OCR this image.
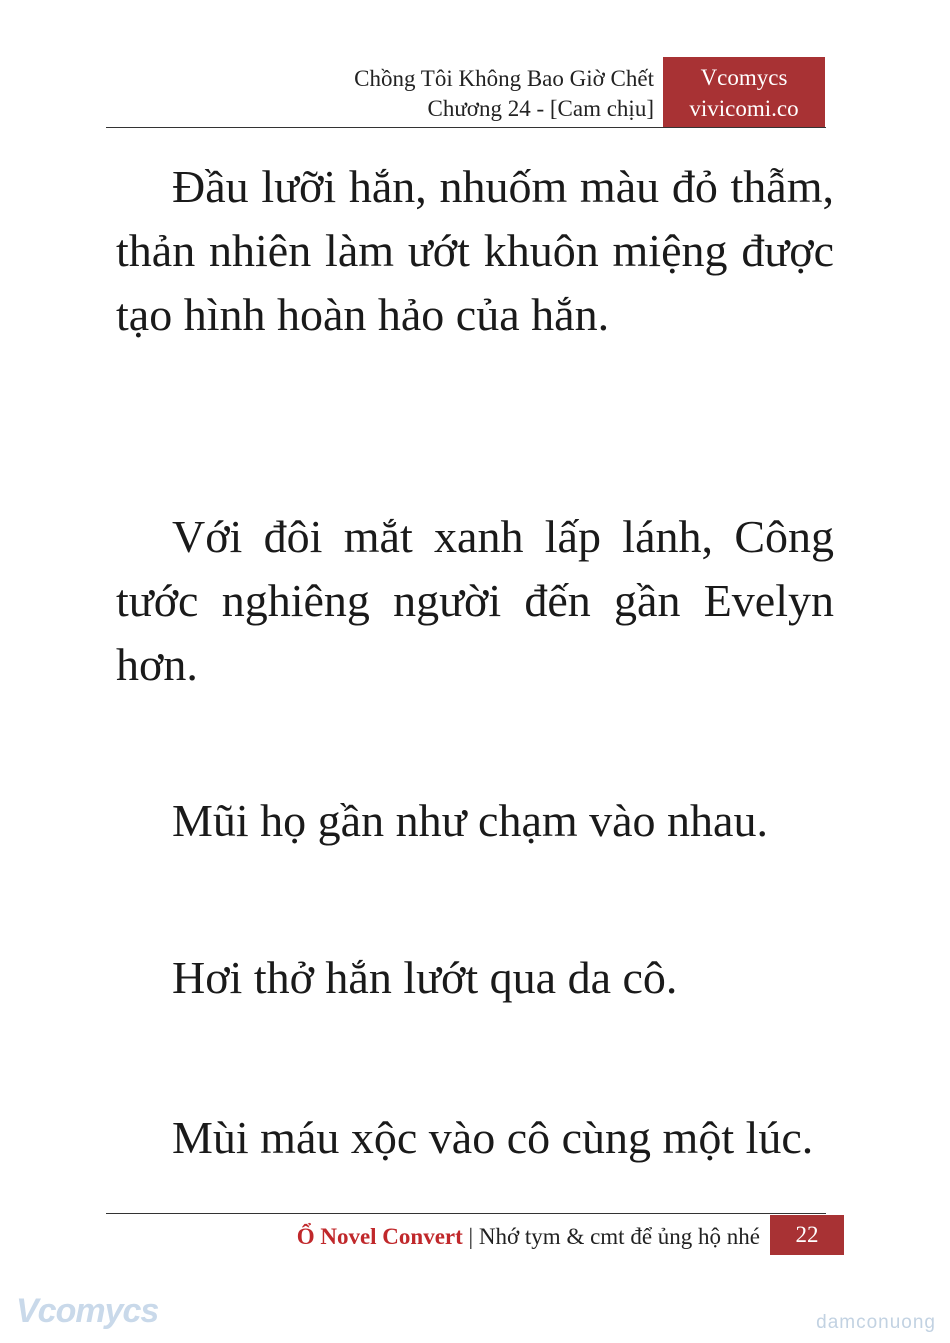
Chồng Tôi Không Bao Giờ Chết
Chương 24 - [Cam chịu]
Vcomycs
vivicomi.co

Đầu lưỡi hắn, nhuốm màu đỏ thẫm, thản nhiên làm ướt khuôn miệng được tạo hình hoàn hảo của hắn.

Với đôi mắt xanh lấp lánh, Công tước nghiêng người đến gần Evelyn hơn.

Mũi họ gần như chạm vào nhau.

Hơi thở hắn lướt qua da cô.

Mùi máu xộc vào cô cùng một lúc.

Ổ Novel Convert | Nhớ tym & cmt để ủng hộ nhé	22
Vcomycs	damconuong
